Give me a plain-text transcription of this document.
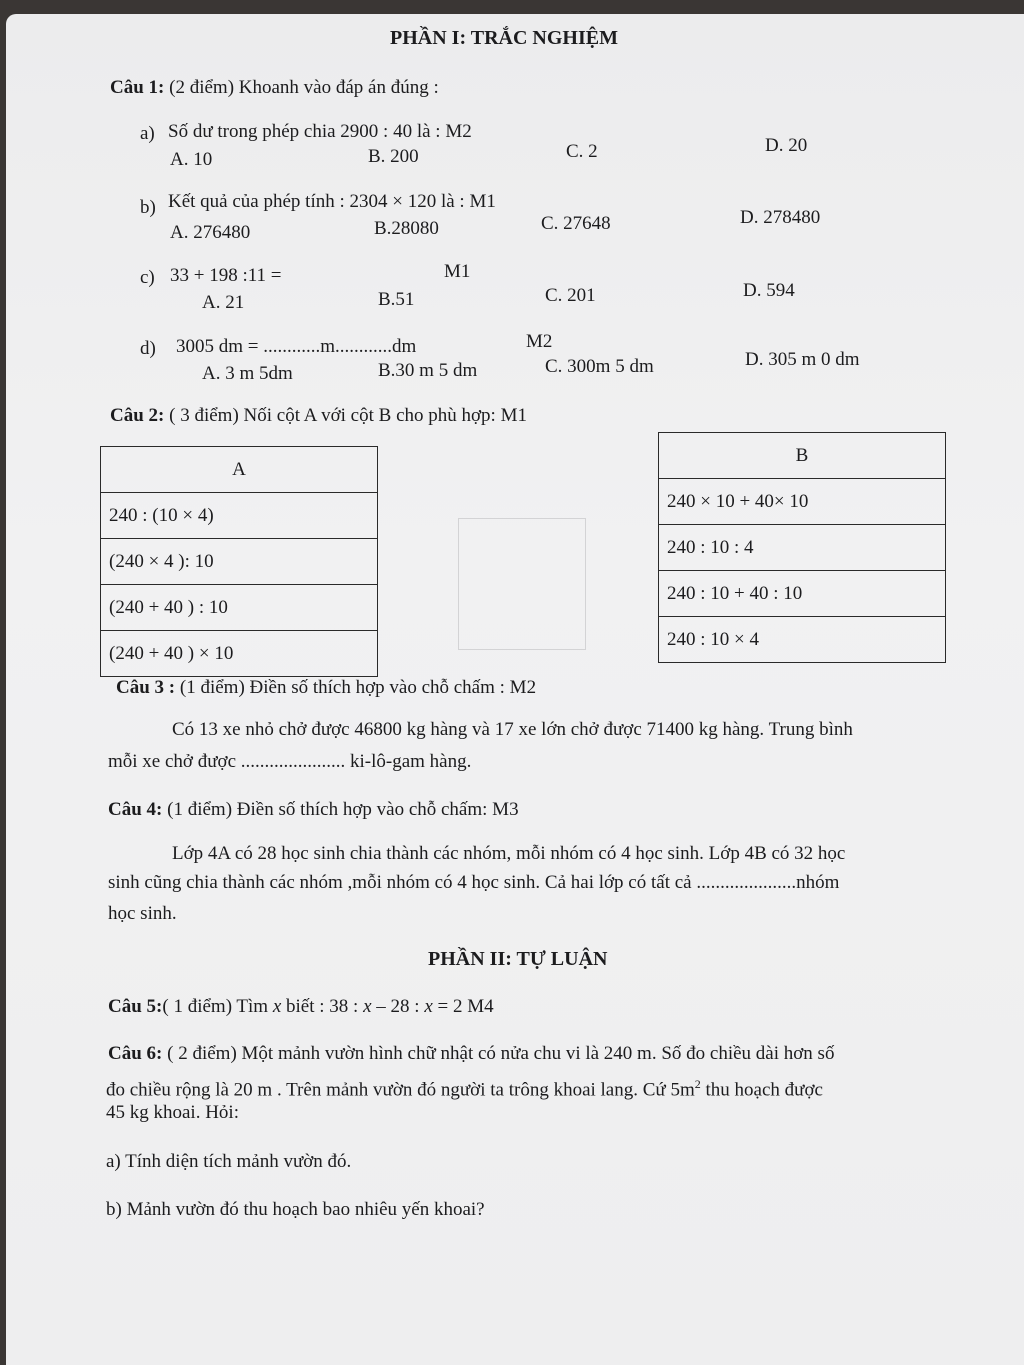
PHẦN I: TRẮC NGHIỆM
Câu 1: (2 điểm) Khoanh vào đáp án đúng :
a) Số dư trong phép chia 2900 : 40 là : M2
A. 10	B. 200	C. 2	D. 20
b) Kết quả của phép tính : 2304 × 120 là : M1
A. 276480	B.28080	C. 27648	D. 278480
c) 33 + 198 :11 =	M1
A. 21	B.51	C. 201	D. 594
d) 3005 dm = ............m............dm	M2
A. 3 m 5dm	B.30 m 5 dm	C. 300m 5 dm	D. 305 m 0 dm
Câu 2: ( 3 điểm) Nối cột A với cột B cho phù hợp: M1
A
240 : (10 × 4)
(240 × 4 ): 10
(240 + 40 ) : 10
(240 + 40 ) × 10
B
240 × 10 + 40× 10
240 : 10 : 4
240 : 10 + 40 : 10
240 : 10 × 4
Câu 3 : (1 điểm) Điền số thích hợp vào chỗ chấm : M2
Có 13 xe nhỏ chở được 46800 kg hàng và 17 xe lớn chở được 71400 kg hàng. Trung bình
mỗi xe chở được ...................... ki-lô-gam hàng.
Câu 4: (1 điểm) Điền số thích hợp vào chỗ chấm: M3
Lớp 4A có 28 học sinh chia thành các nhóm, mỗi nhóm có 4 học sinh. Lớp 4B có 32 học
sinh cũng chia thành các nhóm ,mỗi nhóm có 4 học sinh. Cả hai lớp có tất cả .....................nhóm
học sinh.
PHẦN II: TỰ LUẬN
Câu 5:( 1 điểm) Tìm x biết : 38 : x – 28 : x = 2 M4
Câu 6: ( 2 điểm) Một mảnh vườn hình chữ nhật có nửa chu vi là 240 m. Số đo chiều dài hơn số
đo chiều rộng là 20 m . Trên mảnh vườn đó người ta trông khoai lang. Cứ $5m^2$ thu hoạch được
45 kg khoai. Hỏi:
a) Tính diện tích mảnh vườn đó.
b) Mảnh vườn đó thu hoạch bao nhiêu yến khoai?
